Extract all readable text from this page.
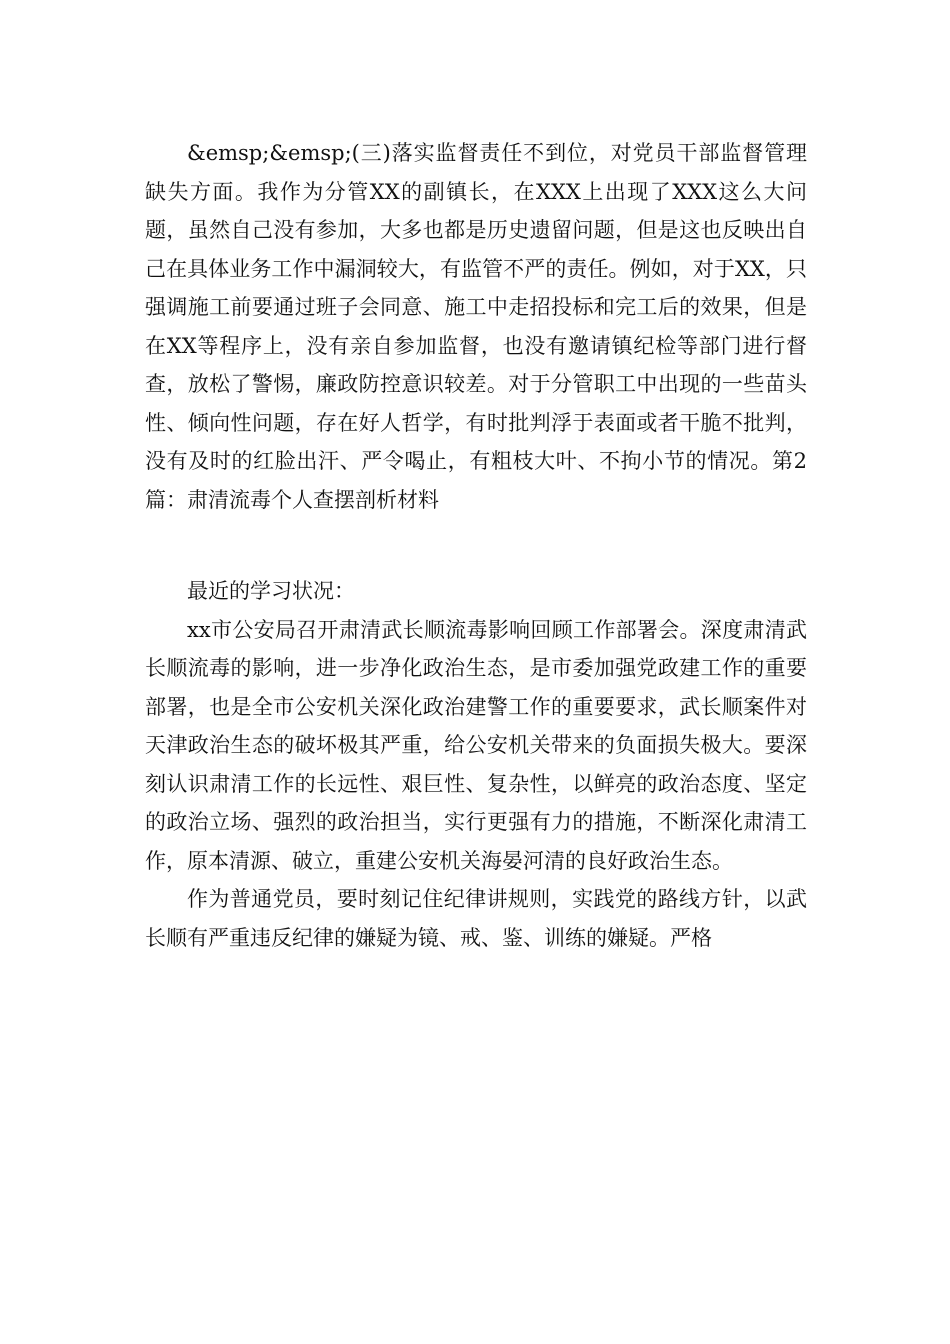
&emsp;&emsp;(三)落实监督责任不到位，对党员干部监督管理缺失方面。我作为分管XX的副镇长，在XXX上出现了XXX这么大问题，虽然自己没有参加，大多也都是历史遗留问题，但是这也反映出自己在具体业务工作中漏洞较大，有监管不严的责任。例如，对于XX，只强调施工前要通过班子会同意、施工中走招投标和完工后的效果，但是在XX等程序上，没有亲自参加监督，也没有邀请镇纪检等部门进行督查，放松了警惕，廉政防控意识较差。对于分管职工中出现的一些苗头性、倾向性问题，存在好人哲学，有时批判浮于表面或者干脆不批判，没有及时的红脸出汗、严令喝止，有粗枝大叶、不拘小节的情况。第2篇：肃清流毒个人查摆剖析材料

最近的学习状况：

xx市公安局召开肃清武长顺流毒影响回顾工作部署会。深度肃清武长顺流毒的影响，进一步净化政治生态，是市委加强党政建工作的重要部署，也是全市公安机关深化政治建警工作的重要要求，武长顺案件对天津政治生态的破坏极其严重，给公安机关带来的负面损失极大。要深刻认识肃清工作的长远性、艰巨性、复杂性，以鲜亮的政治态度、坚定的政治立场、强烈的政治担当，实行更强有力的措施，不断深化肃清工作，原本清源、破立，重建公安机关海晏河清的良好政治生态。

作为普通党员，要时刻记住纪律讲规则，实践党的路线方针，以武长顺有严重违反纪律的嫌疑为镜、戒、鉴、训练的嫌疑。严格
